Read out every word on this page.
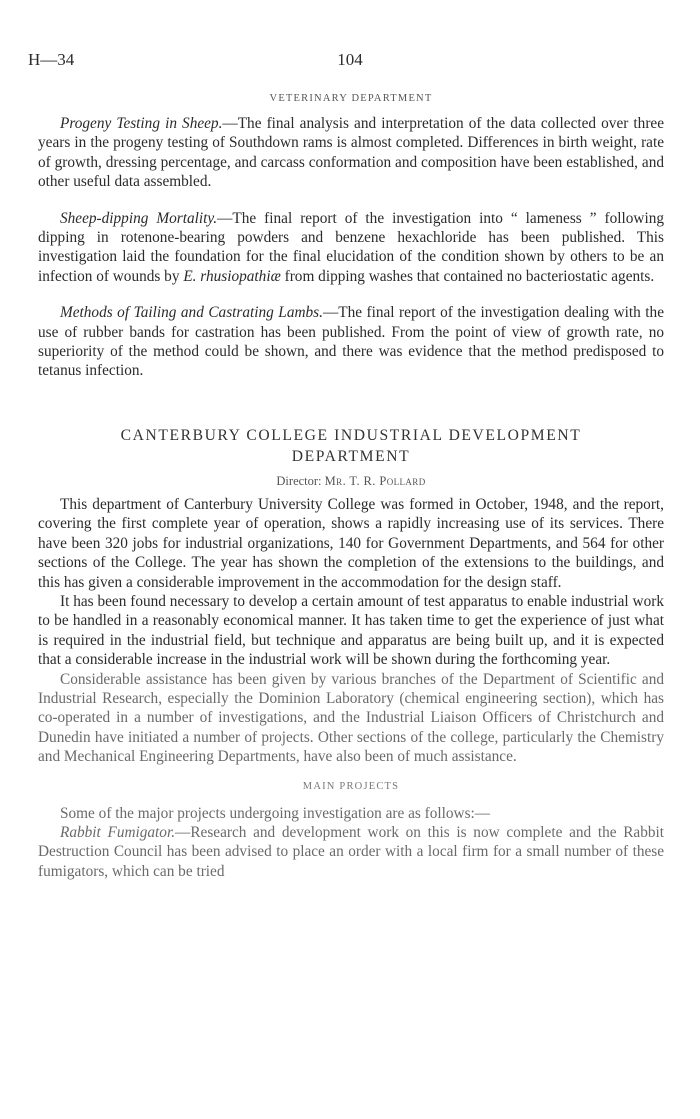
H—34	104
VETERINARY DEPARTMENT

Progeny Testing in Sheep.—The final analysis and interpretation of the data collected over three years in the progeny testing of Southdown rams is almost completed. Differences in birth weight, rate of growth, dressing percentage, and carcass conformation and composition have been established, and other useful data assembled.

Sheep-dipping Mortality.—The final report of the investigation into “ lameness ” following dipping in rotenone-bearing powders and benzene hexachloride has been published. This investigation laid the foundation for the final elucidation of the condition shown by others to be an infection of wounds by E. rhusiopathiæ from dipping washes that contained no bacteriostatic agents.

Methods of Tailing and Castrating Lambs.—The final report of the investigation dealing with the use of rubber bands for castration has been published. From the point of view of growth rate, no superiority of the method could be shown, and there was evidence that the method predisposed to tetanus infection.

CANTERBURY COLLEGE INDUSTRIAL DEVELOPMENT
DEPARTMENT
Director: Mr. T. R. Pollard

This department of Canterbury University College was formed in October, 1948, and the report, covering the first complete year of operation, shows a rapidly increasing use of its services. There have been 320 jobs for industrial organizations, 140 for Government Departments, and 564 for other sections of the College. The year has shown the completion of the extensions to the buildings, and this has given a considerable improvement in the accommodation for the design staff.

It has been found necessary to develop a certain amount of test apparatus to enable industrial work to be handled in a reasonably economical manner. It has taken time to get the experience of just what is required in the industrial field, but technique and apparatus are being built up, and it is expected that a considerable increase in the industrial work will be shown during the forthcoming year.

Considerable assistance has been given by various branches of the Department of Scientific and Industrial Research, especially the Dominion Laboratory (chemical engineering section), which has co-operated in a number of investigations, and the Industrial Liaison Officers of Christchurch and Dunedin have initiated a number of projects. Other sections of the college, particularly the Chemistry and Mechanical Engineering Departments, have also been of much assistance.

MAIN PROJECTS

Some of the major projects undergoing investigation are as follows:—

Rabbit Fumigator.—Research and development work on this is now complete and the Rabbit Destruction Council has been advised to place an order with a local firm for a small number of these fumigators, which can be tried
